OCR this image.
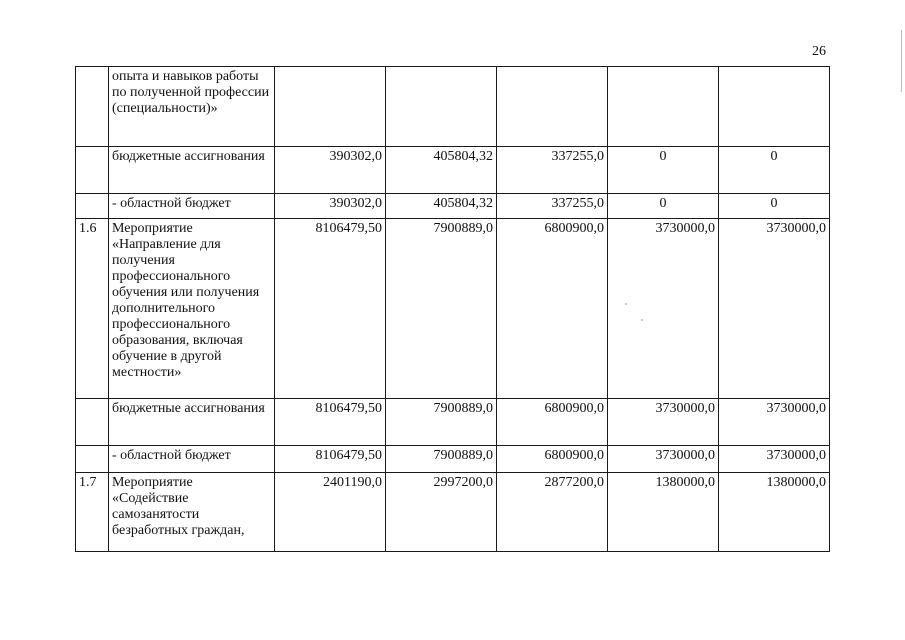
26
	опыта и навыков работы по полученной профессии (специальности)»					
	бюджетные ассигнования	390302,0	405804,32	337255,0	0	0
	- областной бюджет	390302,0	405804,32	337255,0	0	0
1.6	Мероприятие «Направление для получения профессионального обучения или получения дополнительного профессионального образования, включая обучение в другой местности»	8106479,50	7900889,0	6800900,0	3730000,0	3730000,0
	бюджетные ассигнования	8106479,50	7900889,0	6800900,0	3730000,0	3730000,0
	- областной бюджет	8106479,50	7900889,0	6800900,0	3730000,0	3730000,0
1.7	Мероприятие «Содействие самозанятости безработных граждан,	2401190,0	2997200,0	2877200,0	1380000,0	1380000,0
